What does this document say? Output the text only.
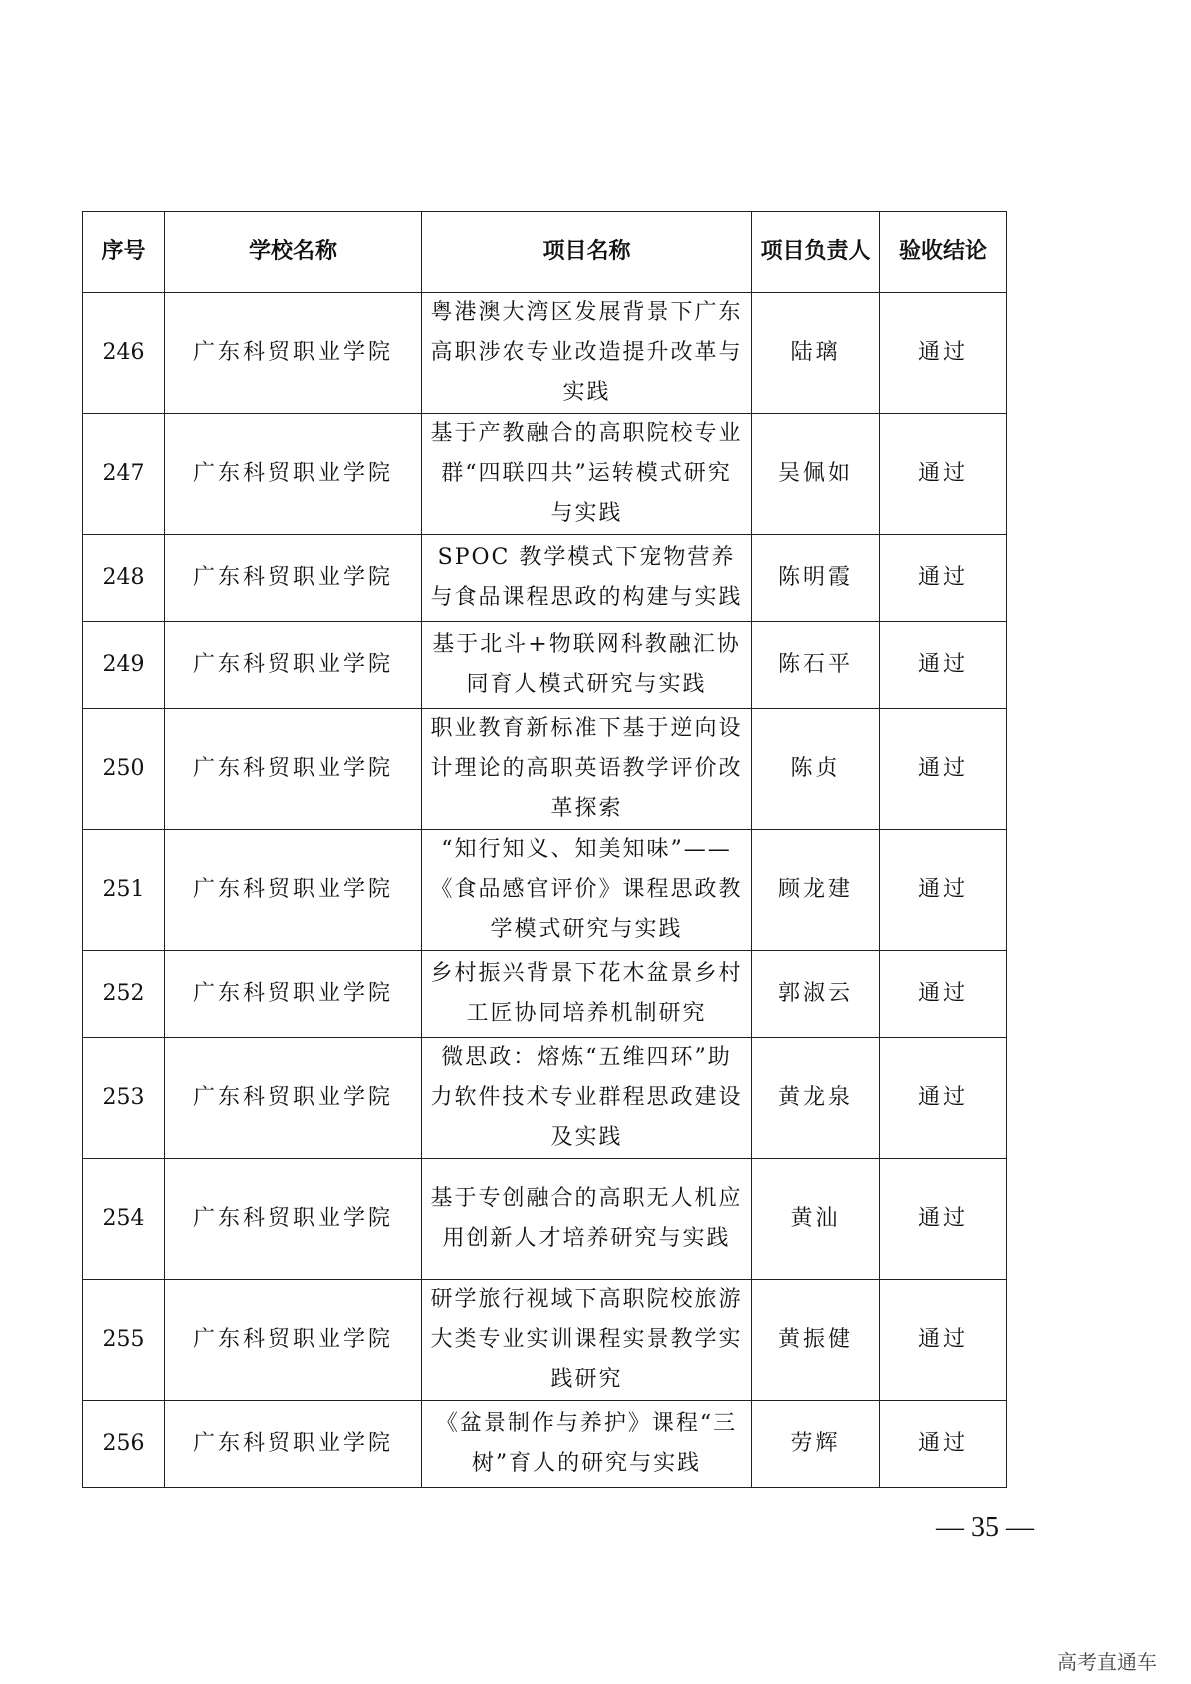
序号	学校名称	项目名称	项目负责人	验收结论
246	广东科贸职业学院	粤港澳大湾区发展背景下广东高职涉农专业改造提升改革与实践	陆璃	通过
247	广东科贸职业学院	基于产教融合的高职院校专业群“四联四共”运转模式研究与实践	吴佩如	通过
248	广东科贸职业学院	SPOC 教学模式下宠物营养与食品课程思政的构建与实践	陈明霞	通过
249	广东科贸职业学院	基于北斗+物联网科教融汇协同育人模式研究与实践	陈石平	通过
250	广东科贸职业学院	职业教育新标准下基于逆向设计理论的高职英语教学评价改革探索	陈贞	通过
251	广东科贸职业学院	“知行知义、知美知味”——《食品感官评价》课程思政教学模式研究与实践	顾龙建	通过
252	广东科贸职业学院	乡村振兴背景下花木盆景乡村工匠协同培养机制研究	郭淑云	通过
253	广东科贸职业学院	微思政：熔炼“五维四环”助力软件技术专业群程思政建设及实践	黄龙泉	通过
254	广东科贸职业学院	基于专创融合的高职无人机应用创新人才培养研究与实践	黄汕	通过
255	广东科贸职业学院	研学旅行视域下高职院校旅游大类专业实训课程实景教学实践研究	黄振健	通过
256	广东科贸职业学院	《盆景制作与养护》课程“三树”育人的研究与实践	劳辉	通过
— 35 —
高考直通车
